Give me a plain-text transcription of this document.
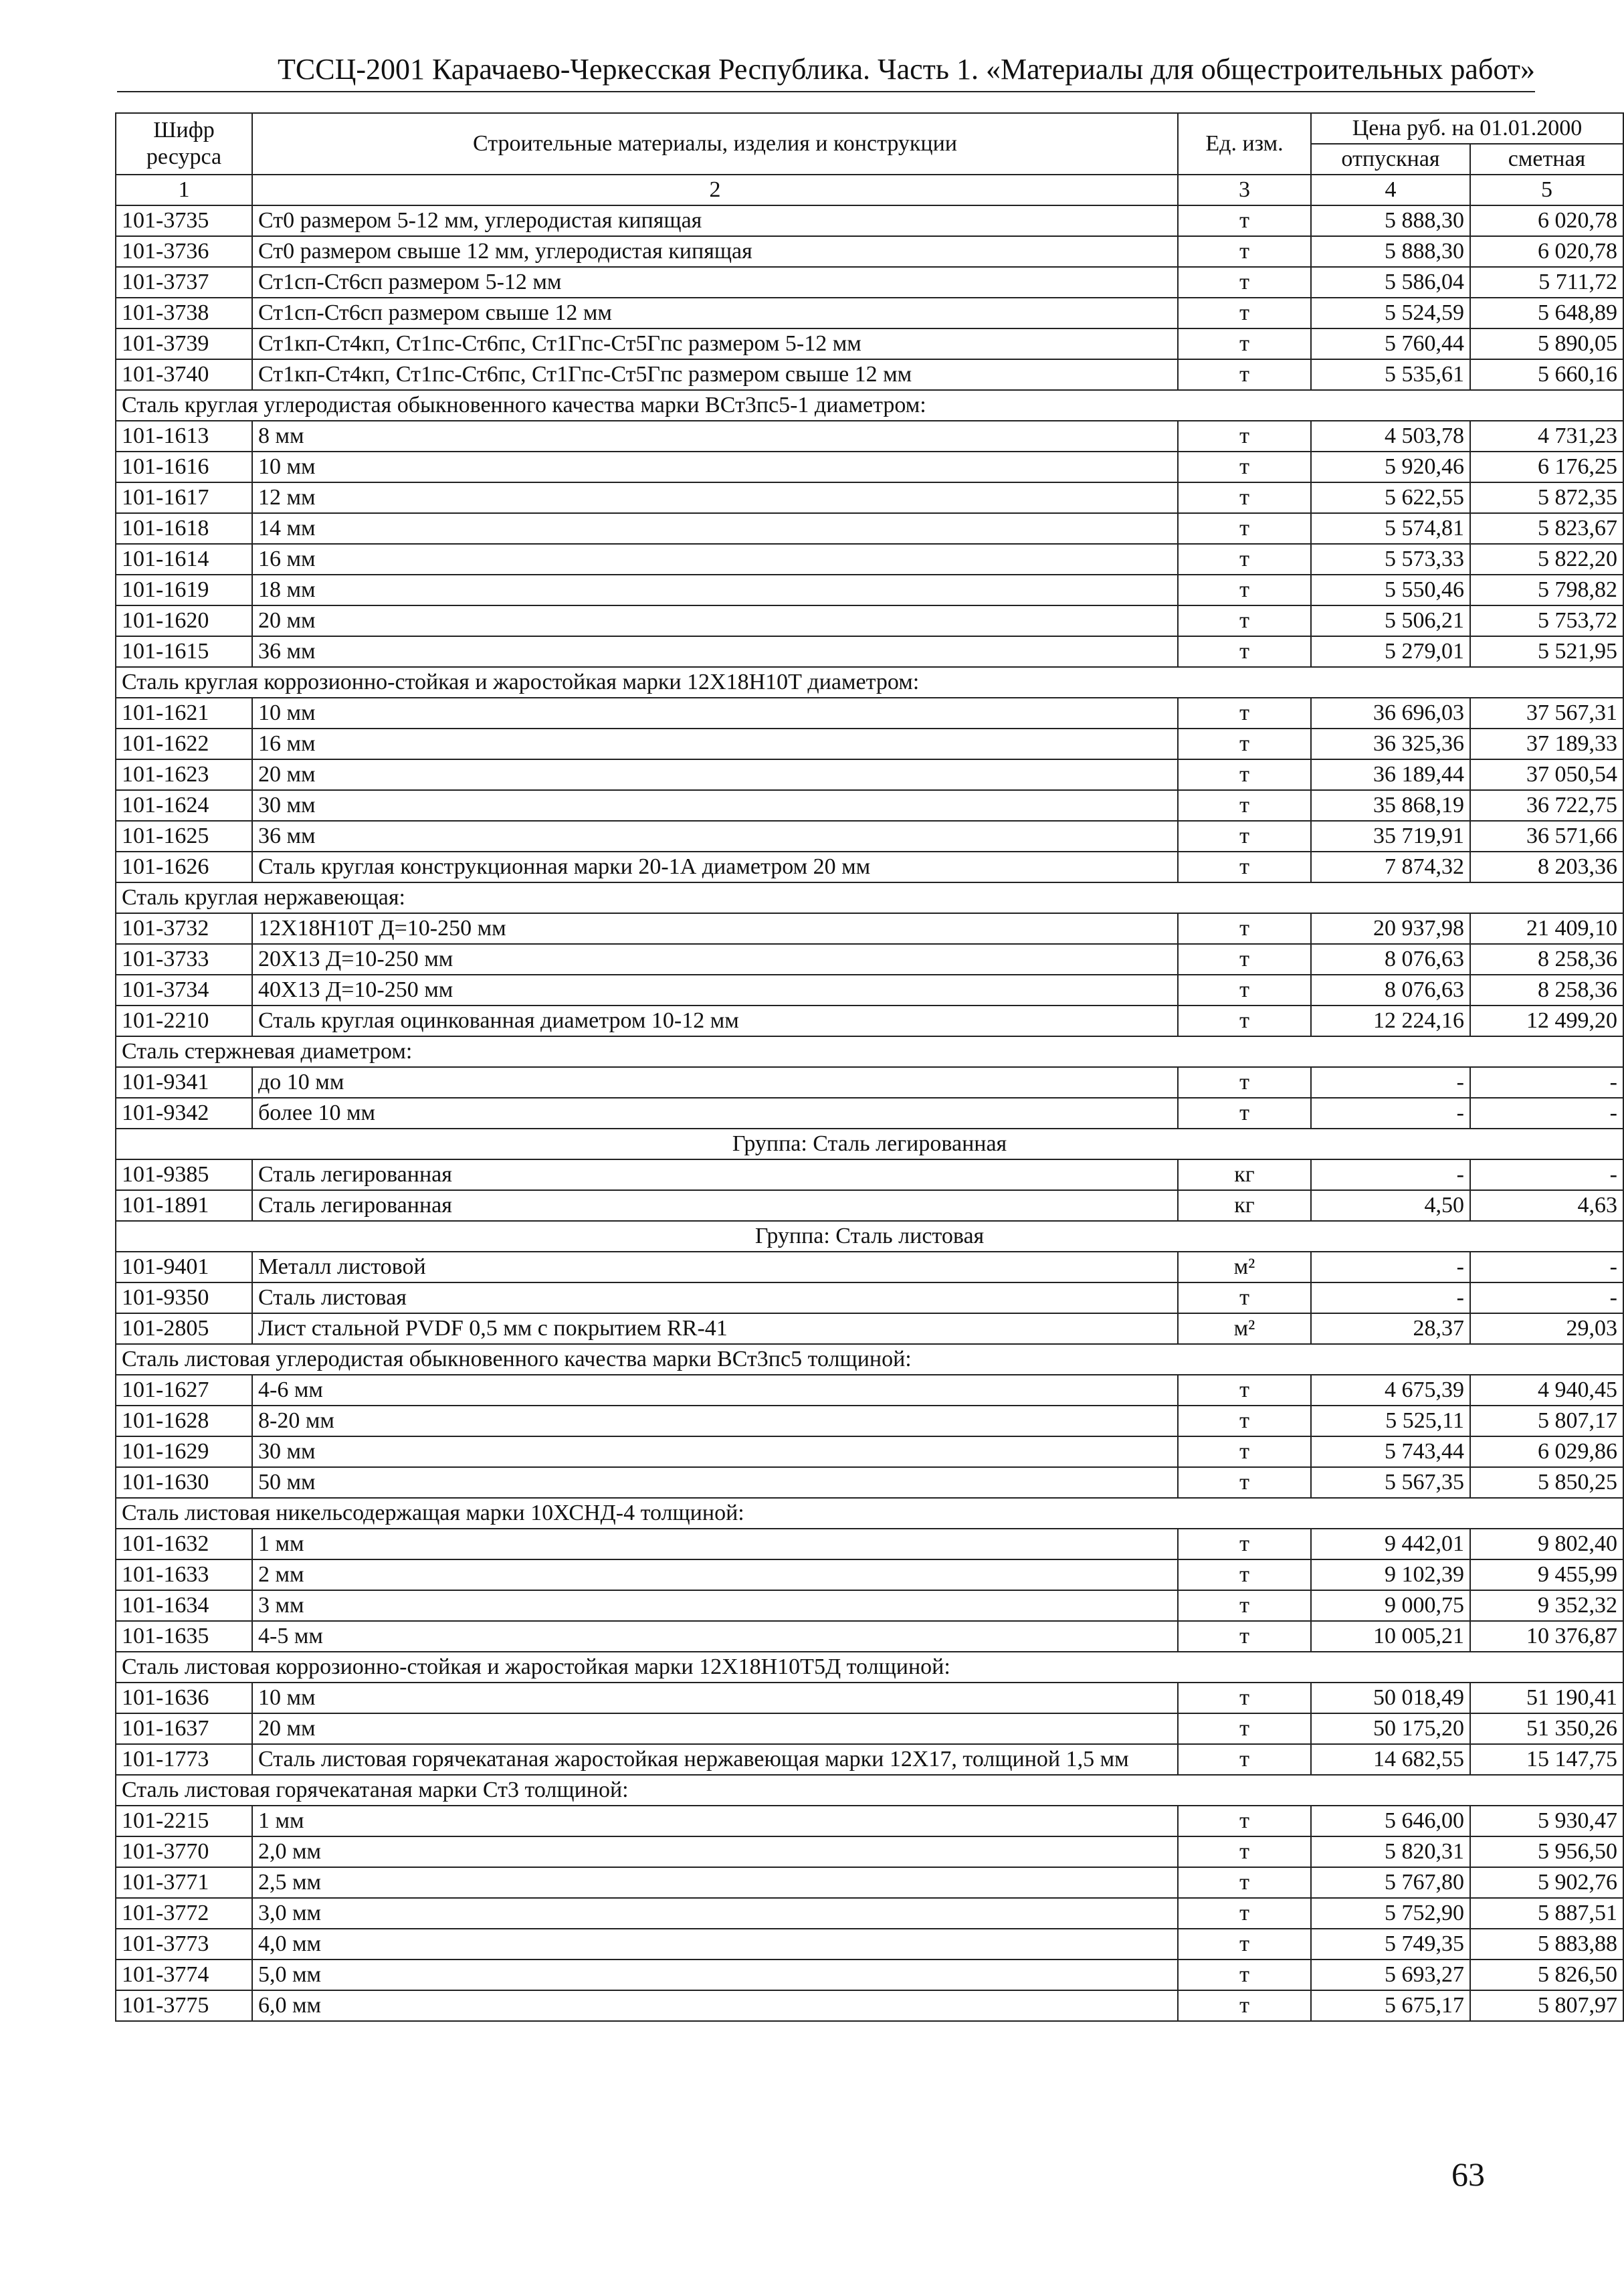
ТССЦ-2001 Карачаево-Черкесская Республика. Часть 1. «Материалы для общестроительных работ»
Шифр ресурса	Строительные материалы, изделия и конструкции	Ед. изм.	Цена руб. на 01.01.2000	
			отпускная	сметная
1	2	3	4	5
101-3735	Ст0 размером 5-12 мм, углеродистая кипящая	т	5 888,30	6 020,78
101-3736	Ст0 размером свыше 12 мм, углеродистая кипящая	т	5 888,30	6 020,78
101-3737	Ст1сп-Ст6сп размером 5-12 мм	т	5 586,04	5 711,72
101-3738	Ст1сп-Ст6сп размером свыше 12 мм	т	5 524,59	5 648,89
101-3739	Ст1кп-Ст4кп, Ст1пс-Ст6пс, Ст1Гпс-Ст5Гпс размером 5-12 мм	т	5 760,44	5 890,05
101-3740	Ст1кп-Ст4кп, Ст1пс-Ст6пс, Ст1Гпс-Ст5Гпс размером свыше 12 мм	т	5 535,61	5 660,16
Сталь круглая углеродистая обыкновенного качества марки ВСт3пс5-1 диаметром:				
101-1613	8 мм	т	4 503,78	4 731,23
101-1616	10 мм	т	5 920,46	6 176,25
101-1617	12 мм	т	5 622,55	5 872,35
101-1618	14 мм	т	5 574,81	5 823,67
101-1614	16 мм	т	5 573,33	5 822,20
101-1619	18 мм	т	5 550,46	5 798,82
101-1620	20 мм	т	5 506,21	5 753,72
101-1615	36 мм	т	5 279,01	5 521,95
Сталь круглая коррозионно-стойкая и жаростойкая марки 12Х18Н10Т диаметром:				
101-1621	10 мм	т	36 696,03	37 567,31
101-1622	16 мм	т	36 325,36	37 189,33
101-1623	20 мм	т	36 189,44	37 050,54
101-1624	30 мм	т	35 868,19	36 722,75
101-1625	36 мм	т	35 719,91	36 571,66
101-1626	Сталь круглая конструкционная марки 20-1А диаметром 20 мм	т	7 874,32	8 203,36
Сталь круглая нержавеющая:				
101-3732	12Х18Н10Т Д=10-250 мм	т	20 937,98	21 409,10
101-3733	20Х13 Д=10-250 мм	т	8 076,63	8 258,36
101-3734	40Х13 Д=10-250 мм	т	8 076,63	8 258,36
101-2210	Сталь круглая оцинкованная диаметром 10-12 мм	т	12 224,16	12 499,20
Сталь стержневая диаметром:				
101-9341	до 10 мм	т	-	-
101-9342	более 10 мм	т	-	-
Группа: Сталь легированная				
101-9385	Сталь легированная	кг	-	-
101-1891	Сталь легированная	кг	4,50	4,63
Группа: Сталь листовая				
101-9401	Металл листовой	м²	-	-
101-9350	Сталь листовая	т	-	-
101-2805	Лист стальной PVDF 0,5 мм с покрытием RR-41	м²	28,37	29,03
Сталь листовая углеродистая обыкновенного качества марки ВСт3пс5 толщиной:				
101-1627	4-6 мм	т	4 675,39	4 940,45
101-1628	8-20 мм	т	5 525,11	5 807,17
101-1629	30 мм	т	5 743,44	6 029,86
101-1630	50 мм	т	5 567,35	5 850,25
Сталь листовая никельсодержащая марки 10ХСНД-4 толщиной:				
101-1632	1 мм	т	9 442,01	9 802,40
101-1633	2 мм	т	9 102,39	9 455,99
101-1634	3 мм	т	9 000,75	9 352,32
101-1635	4-5 мм	т	10 005,21	10 376,87
Сталь листовая коррозионно-стойкая и жаростойкая марки 12Х18Н10Т5Д толщиной:				
101-1636	10 мм	т	50 018,49	51 190,41
101-1637	20 мм	т	50 175,20	51 350,26
101-1773	Сталь листовая горячекатаная жаростойкая нержавеющая марки 12Х17, толщиной 1,5 мм	т	14 682,55	15 147,75
Сталь листовая горячекатаная марки Ст3 толщиной:				
101-2215	1 мм	т	5 646,00	5 930,47
101-3770	2,0 мм	т	5 820,31	5 956,50
101-3771	2,5 мм	т	5 767,80	5 902,76
101-3772	3,0 мм	т	5 752,90	5 887,51
101-3773	4,0 мм	т	5 749,35	5 883,88
101-3774	5,0 мм	т	5 693,27	5 826,50
101-3775	6,0 мм	т	5 675,17	5 807,97
63
